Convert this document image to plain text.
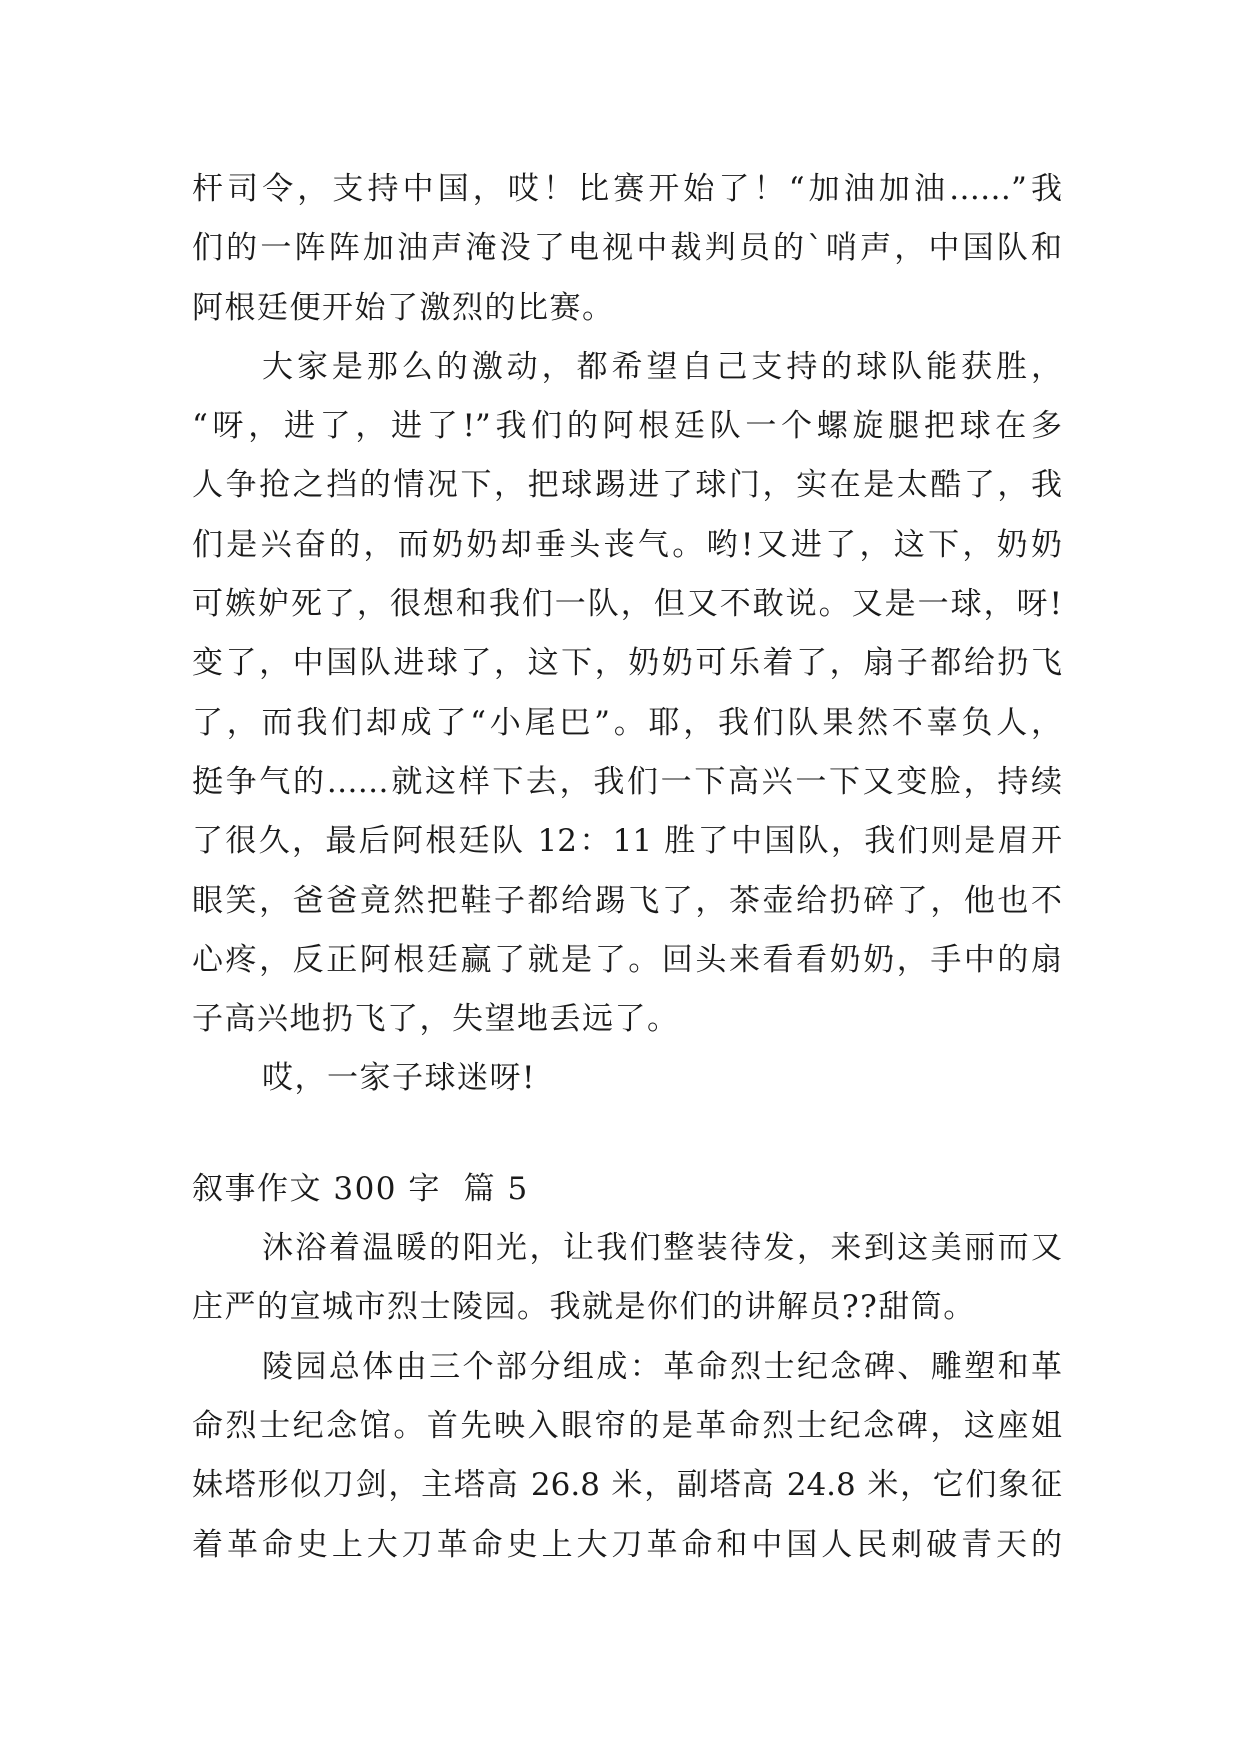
杆司令，支持中国，哎！比赛开始了！“加油加油……”我
们的一阵阵加油声淹没了电视中裁判员的`哨声，中国队和
阿根廷便开始了激烈的比赛。
大家是那么的激动，都希望自己支持的球队能获胜，
“呀，进了，进了!”我们的阿根廷队一个螺旋腿把球在多
人争抢之挡的情况下，把球踢进了球门，实在是太酷了，我
们是兴奋的，而奶奶却垂头丧气。哟!又进了，这下，奶奶
可嫉妒死了，很想和我们一队，但又不敢说。又是一球，呀!
变了，中国队进球了，这下，奶奶可乐着了，扇子都给扔飞
了，而我们却成了“小尾巴”。耶，我们队果然不辜负人，
挺争气的……就这样下去，我们一下高兴一下又变脸，持续
了很久，最后阿根廷队 12：11 胜了中国队，我们则是眉开
眼笑，爸爸竟然把鞋子都给踢飞了，茶壶给扔碎了，他也不
心疼，反正阿根廷赢了就是了。回头来看看奶奶，手中的扇
子高兴地扔飞了，失望地丢远了。
哎，一家子球迷呀!
叙事作文 300 字  篇 5
沐浴着温暖的阳光，让我们整装待发，来到这美丽而又
庄严的宣城市烈士陵园。我就是你们的讲解员??甜筒。
陵园总体由三个部分组成：革命烈士纪念碑、雕塑和革
命烈士纪念馆。首先映入眼帘的是革命烈士纪念碑，这座姐
妹塔形似刀剑，主塔高 26.8 米，副塔高 24.8 米，它们象征
着革命史上大刀革命史上大刀革命和中国人民刺破青天的
